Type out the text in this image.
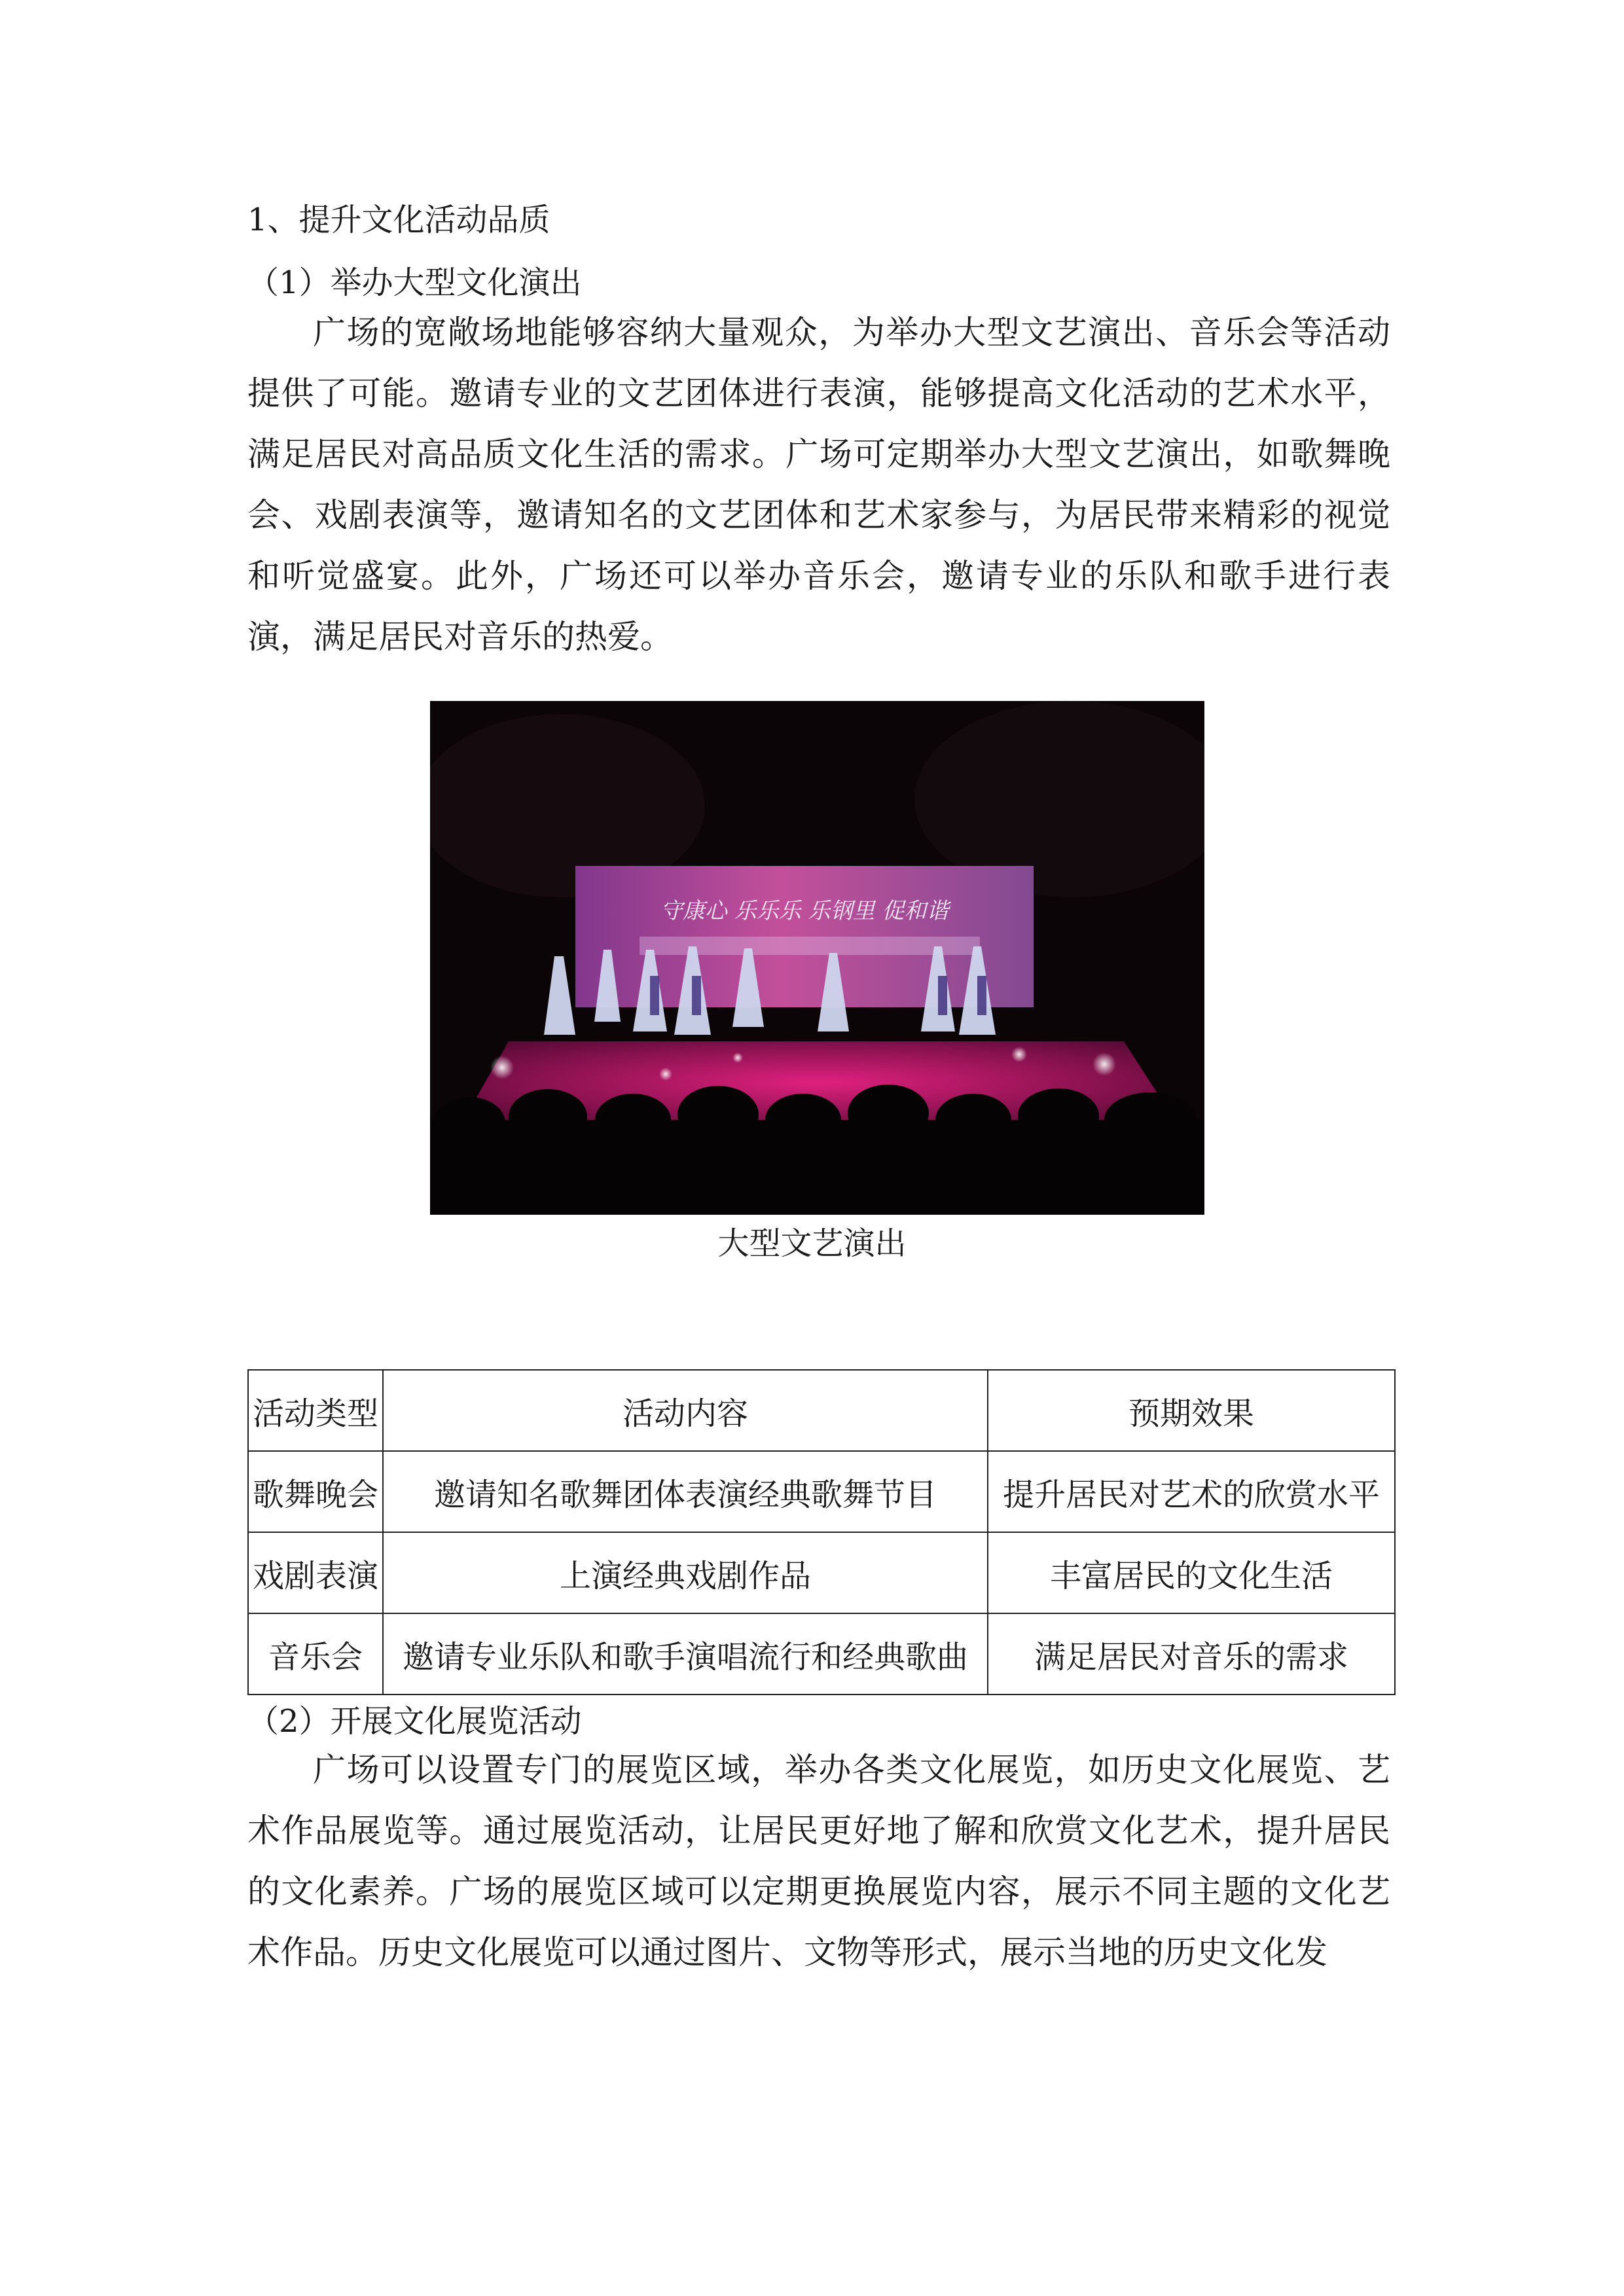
1、提升文化活动品质
（1）举办大型文化演出

广场的宽敞场地能够容纳大量观众，为举办大型文艺演出、音乐会等活动提供了可能。邀请专业的文艺团体进行表演，能够提高文化活动的艺术水平，满足居民对高品质文化生活的需求。广场可定期举办大型文艺演出，如歌舞晚会、戏剧表演等，邀请知名的文艺团体和艺术家参与，为居民带来精彩的视觉和听觉盛宴。此外，广场还可以举办音乐会，邀请专业的乐队和歌手进行表演，满足居民对音乐的热爱。

守康心 乐乐乐 乐钢里 促和谐
大型文艺演出
活动类型	活动内容	预期效果
歌舞晚会	邀请知名歌舞团体表演经典歌舞节目	提升居民对艺术的欣赏水平
戏剧表演	上演经典戏剧作品	丰富居民的文化生活
音乐会	邀请专业乐队和歌手演唱流行和经典歌曲	满足居民对音乐的需求
（2）开展文化展览活动

广场可以设置专门的展览区域，举办各类文化展览，如历史文化展览、艺术作品展览等。通过展览活动，让居民更好地了解和欣赏文化艺术，提升居民的文化素养。广场的展览区域可以定期更换展览内容，展示不同主题的文化艺术作品。历史文化展览可以通过图片、文物等形式，展示当地的历史文化发
